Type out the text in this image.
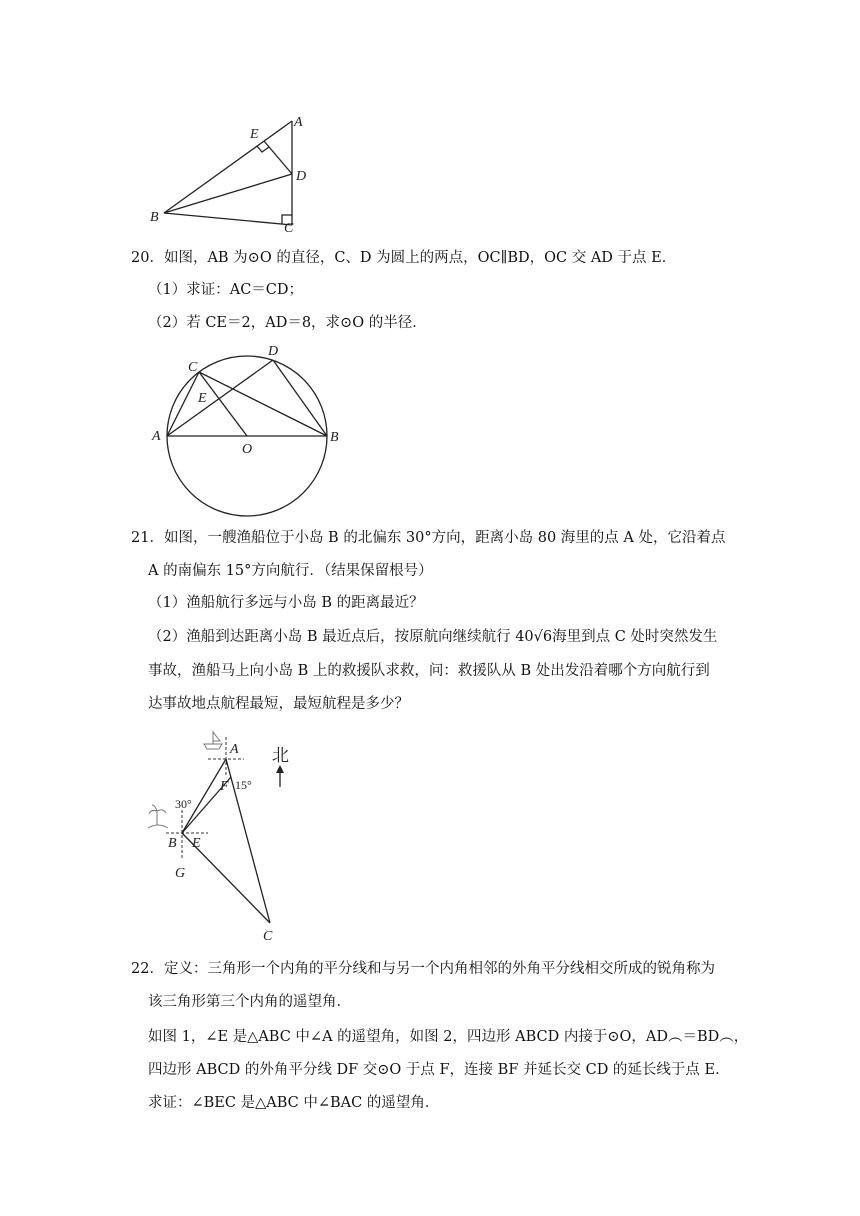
E
A
D
B
C
20．如图，AB 为⊙O 的直径，C、D 为圆上的两点，OC∥BD，OC 交 AD 于点 E．
（1）求证：AC＝CD；
（2）若 CE＝2，AD＝8，求⊙O 的半径．
C
D
E
A
O
B
21．如图，一艘渔船位于小岛 B 的北偏东 30°方向，距离小岛 80 海里的点 A 处，它沿着点
A 的南偏东 15°方向航行．（结果保留根号）
（1）渔船航行多远与小岛 B 的距离最近？
（2）渔船到达距离小岛 B 最近点后，按原航向继续航行 40√6海里到点 C 处时突然发生
事故，渔船马上向小岛 B 上的救援队求救，问：救援队从 B 处出发沿着哪个方向航行到
达事故地点航程最短，最短航程是多少？
北
A
F 15°
30°
B E
G
C
22．定义：三角形一个内角的平分线和与另一个内角相邻的外角平分线相交所成的锐角称为
该三角形第三个内角的遥望角．
如图 1，∠E 是△ABC 中∠A 的遥望角，如图 2，四边形 ABCD 内接于⊙O，AD︵＝BD︵，
四边形 ABCD 的外角平分线 DF 交⊙O 于点 F，连接 BF 并延长交 CD 的延长线于点 E．
求证：∠BEC 是△ABC 中∠BAC 的遥望角．
